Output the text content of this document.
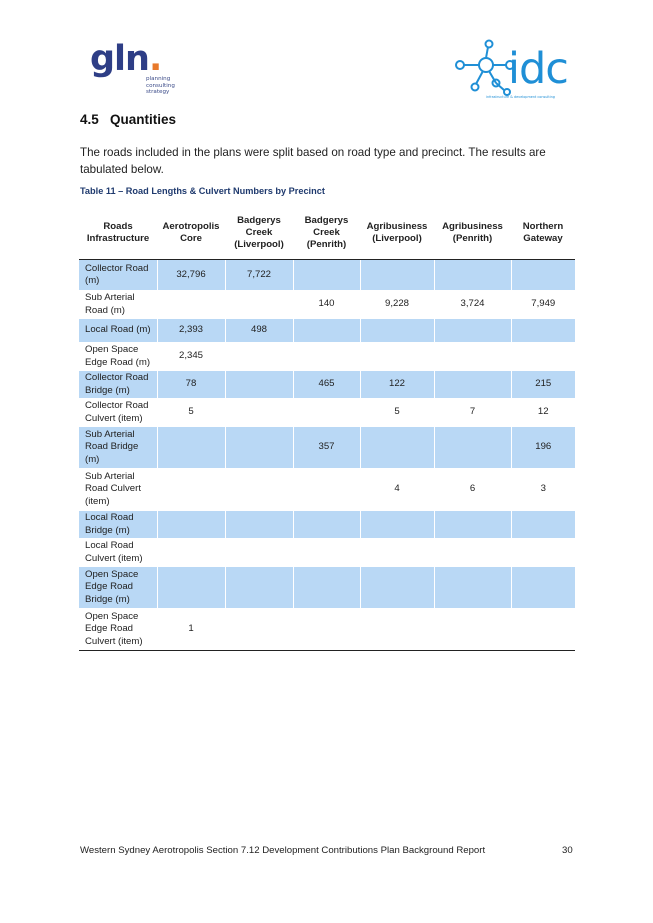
gln.
planning
consulting
strategy	idc
infrastructure & development consulting
4.5 Quantities

The roads included in the plans were split based on road type and precinct. The results are tabulated below.

Table 11 – Road Lengths & Culvert Numbers by Precinct
Roads Infrastructure	Aerotropolis Core	Badgerys Creek (Liverpool)	Badgerys Creek (Penrith)	Agribusiness (Liverpool)	Agribusiness (Penrith)	Northern Gateway
Collector Road (m)	32,796	7,722				
Sub Arterial Road (m)			140	9,228	3,724	7,949
Local Road (m)	2,393	498				
Open Space Edge Road (m)	2,345					
Collector Road Bridge (m)	78		465	122		215
Collector Road Culvert (item)	5			5	7	12
Sub Arterial Road Bridge (m)			357			196
Sub Arterial Road Culvert (item)				4	6	3
Local Road Bridge (m)						
Local Road Culvert (item)						
Open Space Edge Road Bridge (m)						
Open Space Edge Road Culvert (item)	1					
Western Sydney Aerotropolis Section 7.12 Development Contributions Plan Background Report	30
